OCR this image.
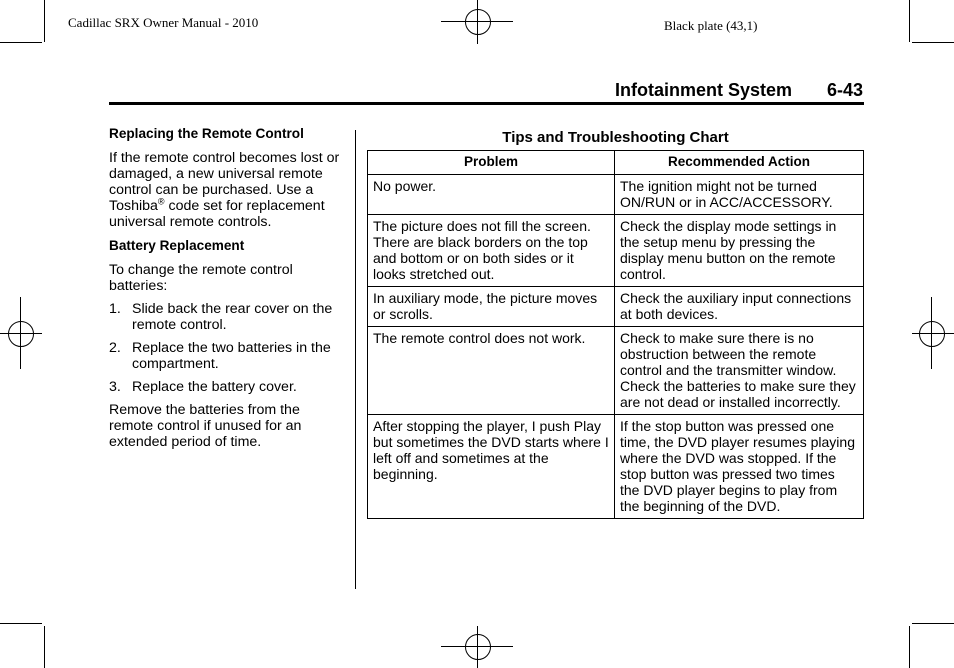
Cadillac SRX Owner Manual - 2010	Black plate (43,1)
Infotainment System 6-43
Replacing the Remote Control

If the remote control becomes lost or damaged, a new universal remote control can be purchased. Use a Toshiba® code set for replacement universal remote controls.

Battery Replacement

To change the remote control batteries:

1. Slide back the rear cover on the remote control.
2. Replace the two batteries in the compartment.
3. Replace the battery cover.

Remove the batteries from the remote control if unused for an extended period of time.

Tips and Troubleshooting Chart
Problem	Recommended Action
No power.	The ignition might not be turned ON/RUN or in ACC/ACCESSORY.
The picture does not fill the screen. There are black borders on the top and bottom or on both sides or it looks stretched out.	Check the display mode settings in the setup menu by pressing the display menu button on the remote control.
In auxiliary mode, the picture moves or scrolls.	Check the auxiliary input connections at both devices.
The remote control does not work.	Check to make sure there is no obstruction between the remote control and the transmitter window. Check the batteries to make sure they are not dead or installed incorrectly.
After stopping the player, I push Play but sometimes the DVD starts where I left off and sometimes at the beginning.	If the stop button was pressed one time, the DVD player resumes playing where the DVD was stopped. If the stop button was pressed two times the DVD player begins to play from the beginning of the DVD.
